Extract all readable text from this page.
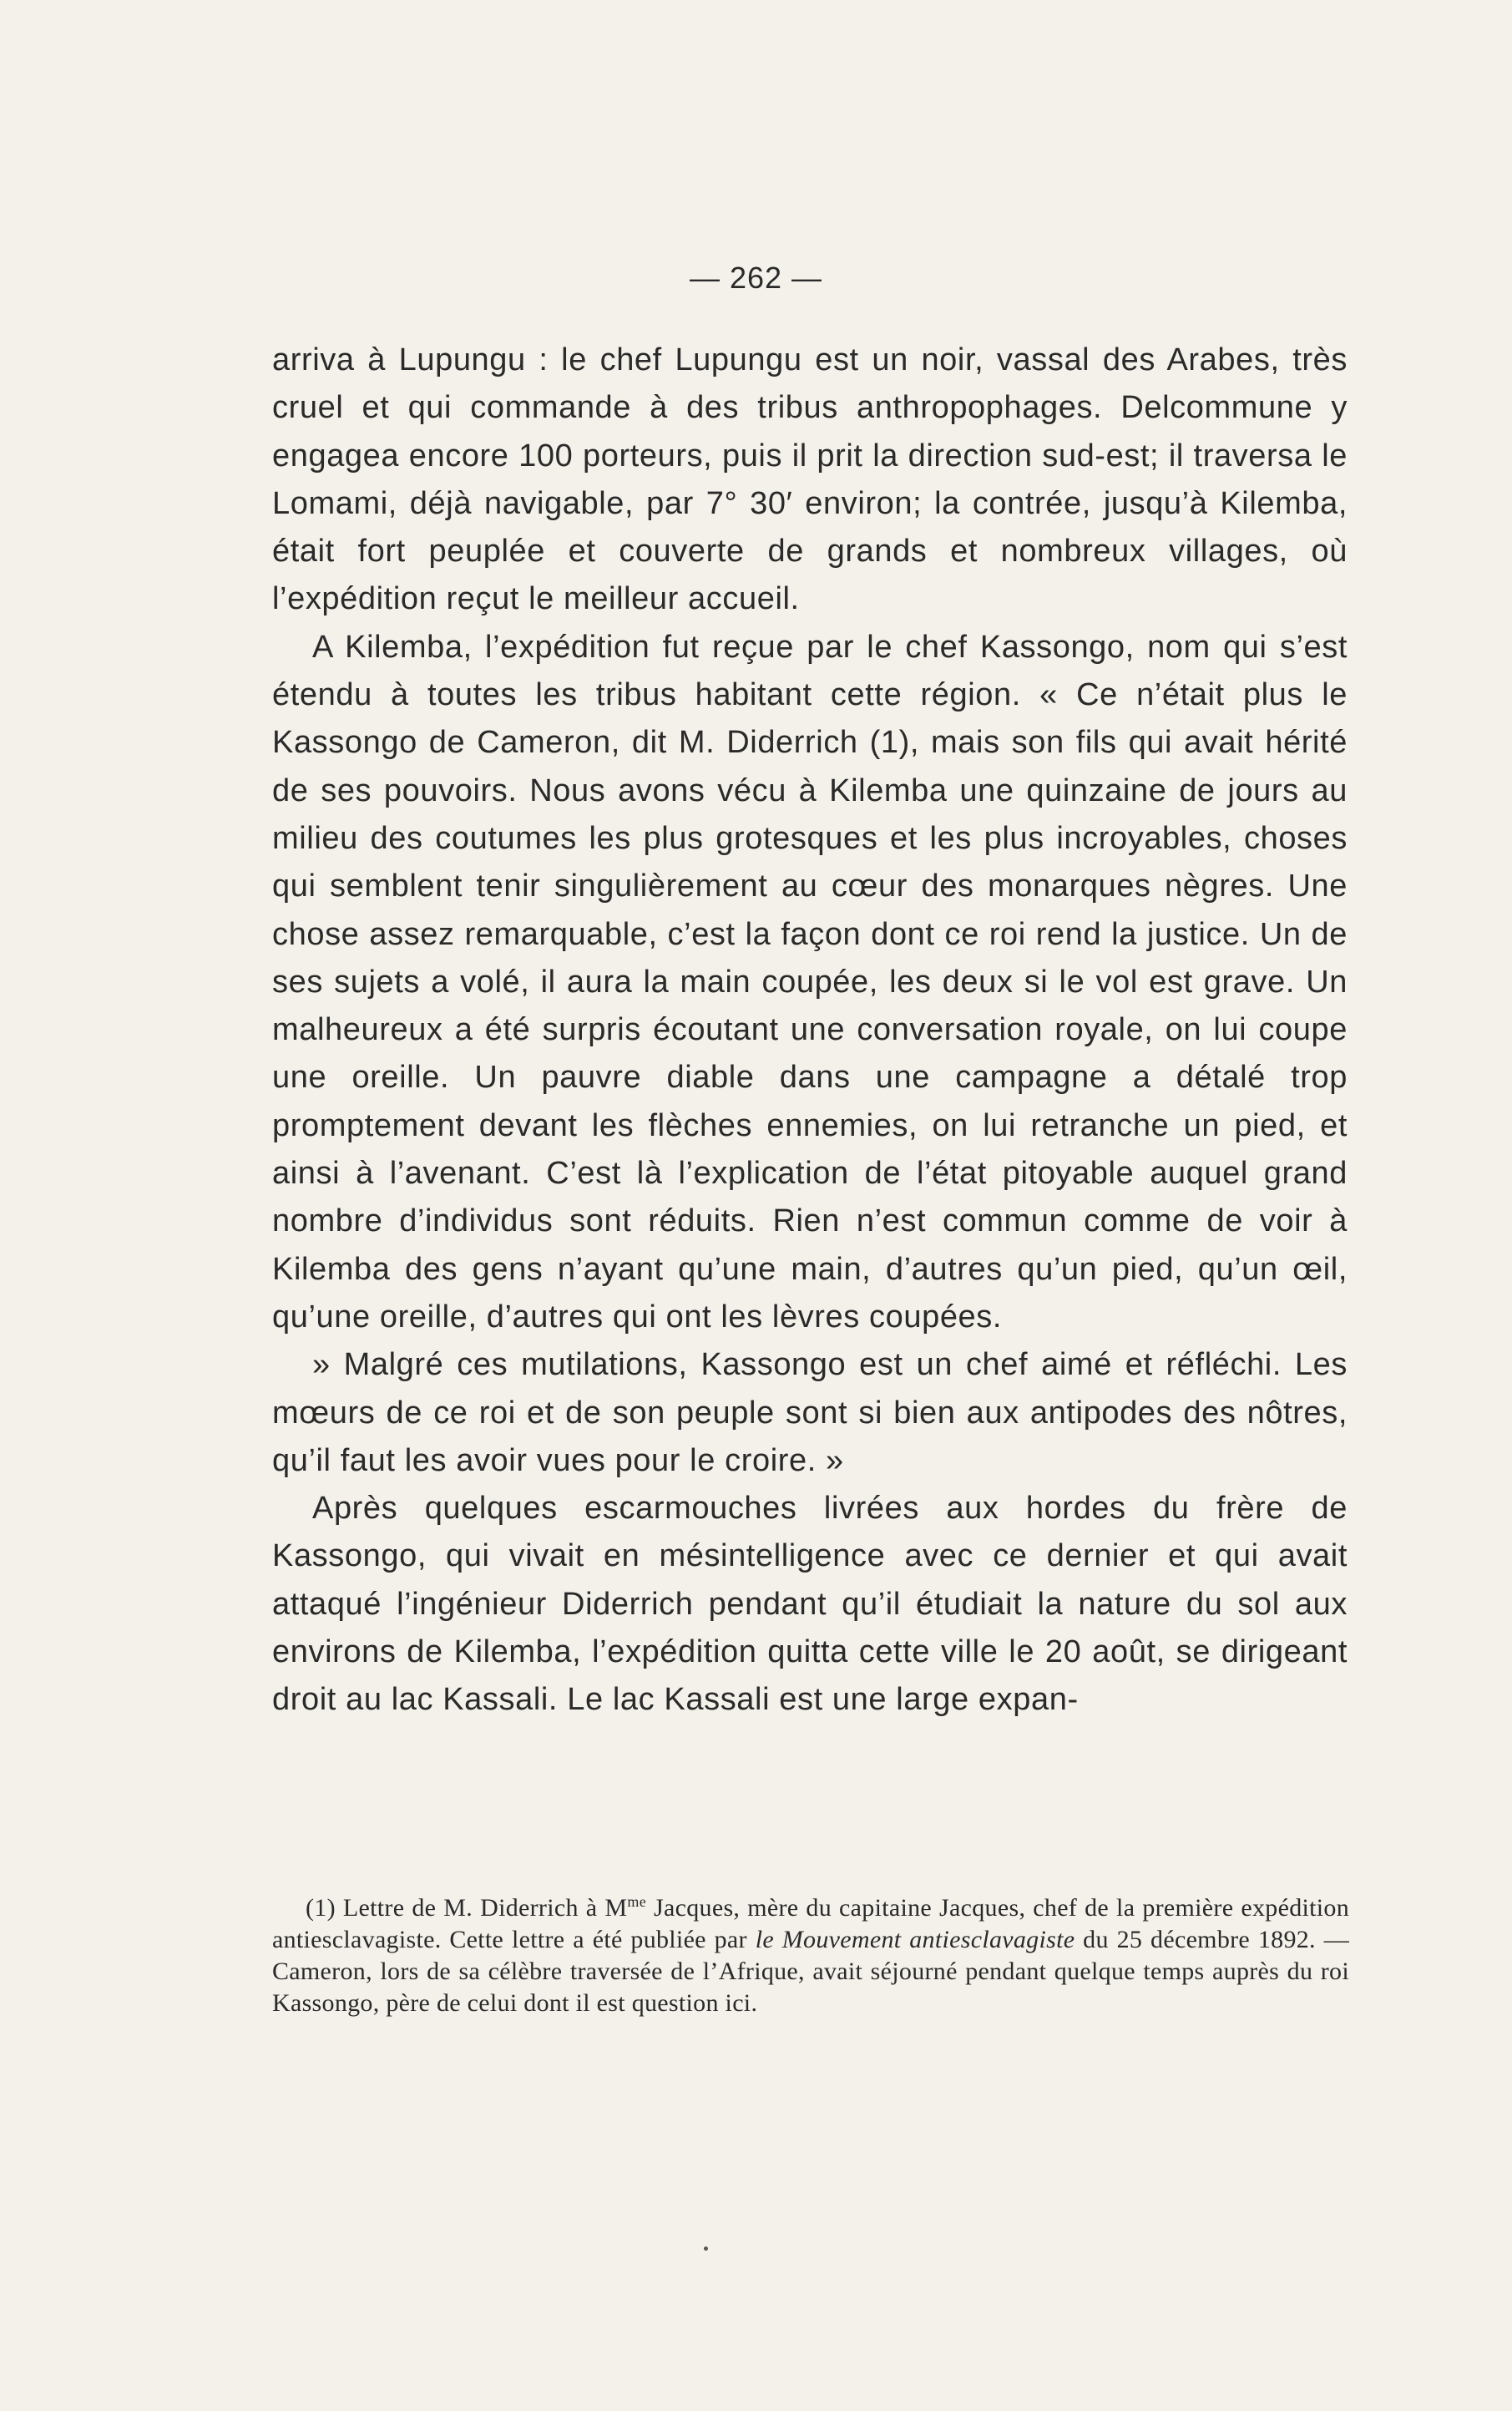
— 262 —

arriva à Lupungu : le chef Lupungu est un noir, vassal des Arabes, très cruel et qui commande à des tribus anthropophages. Delcommune y engagea encore 100 porteurs, puis il prit la direction sud-est; il traversa le Lomami, déjà navigable, par 7° 30′ environ; la contrée, jusqu’à Kilemba, était fort peuplée et couverte de grands et nombreux villages, où l’expédition reçut le meilleur accueil.

A Kilemba, l’expédition fut reçue par le chef Kassongo, nom qui s’est étendu à toutes les tribus habitant cette région. « Ce n’était plus le Kassongo de Cameron, dit M. Diderrich (1), mais son fils qui avait hérité de ses pouvoirs. Nous avons vécu à Kilemba une quinzaine de jours au milieu des coutumes les plus grotesques et les plus incroyables, choses qui semblent tenir singulièrement au cœur des monarques nègres. Une chose assez remarquable, c’est la façon dont ce roi rend la justice. Un de ses sujets a volé, il aura la main coupée, les deux si le vol est grave. Un malheureux a été surpris écoutant une conversation royale, on lui coupe une oreille. Un pauvre diable dans une campagne a détalé trop promptement devant les flèches ennemies, on lui retranche un pied, et ainsi à l’avenant. C’est là l’explication de l’état pitoyable auquel grand nombre d’individus sont réduits. Rien n’est commun comme de voir à Kilemba des gens n’ayant qu’une main, d’autres qu’un pied, qu’un œil, qu’une oreille, d’autres qui ont les lèvres coupées.

» Malgré ces mutilations, Kassongo est un chef aimé et réfléchi. Les mœurs de ce roi et de son peuple sont si bien aux antipodes des nôtres, qu’il faut les avoir vues pour le croire. »

Après quelques escarmouches livrées aux hordes du frère de Kassongo, qui vivait en mésintelligence avec ce dernier et qui avait attaqué l’ingénieur Diderrich pendant qu’il étudiait la nature du sol aux environs de Kilemba, l’expédition quitta cette ville le 20 août, se dirigeant droit au lac Kassali. Le lac Kassali est une large expan-

(1) Lettre de M. Diderrich à $M^{me}$ Jacques, mère du capitaine Jacques, chef de la première expédition antiesclavagiste. Cette lettre a été publiée par le Mouvement antiesclavagiste du 25 décembre 1892. — Cameron, lors de sa célèbre traversée de l’Afrique, avait séjourné pendant quelque temps auprès du roi Kassongo, père de celui dont il est question ici.
